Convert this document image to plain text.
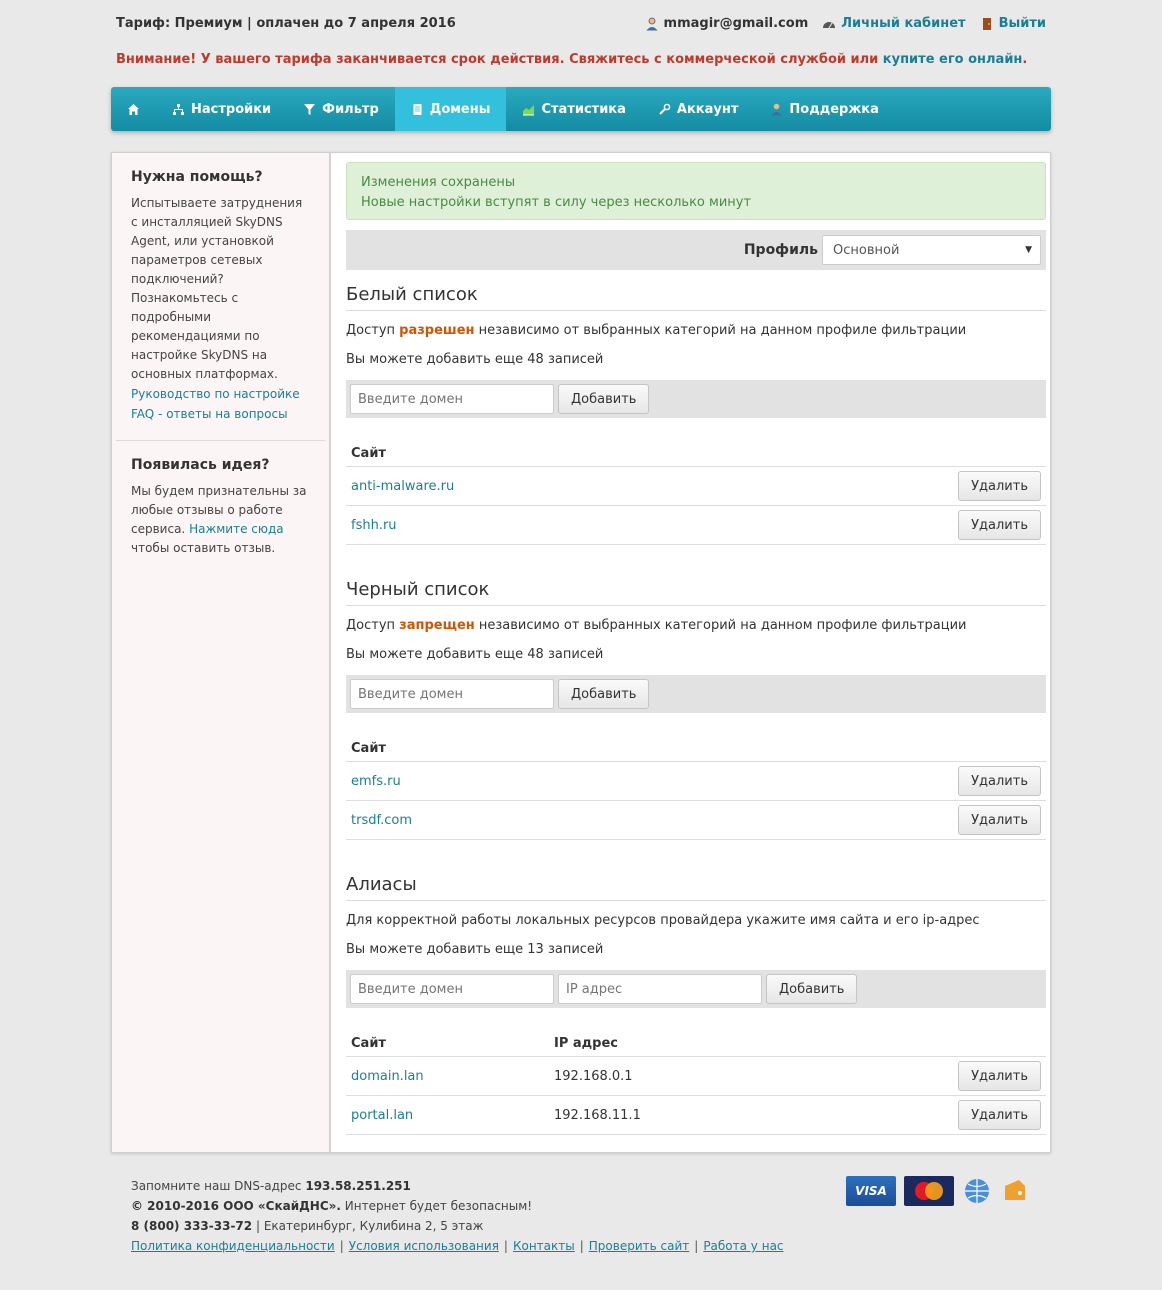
Тариф: Премиум | оплачен до 7 апреля 2016	mmagir@gmail.com	Личный кабинет	Выйти
Внимание! У вашего тарифа заканчивается срок действия. Свяжитесь с коммерческой службой или купите его онлайн.
Настройки	Фильтр	Домены	Статистика	Аккаунт	Поддержка
Нужна помощь?
Испытываете затруднения с инсталляцией SkyDNS Agent, или установкой параметров сетевых подключений? Познакомьтесь с подробными рекомендациями по настройке SkyDNS на основных платформах.
Руководство по настройке
FAQ - ответы на вопросы
Появилась идея?
Мы будем признательны за любые отзывы о работе сервиса. Нажмите сюда чтобы оставить отзыв.
Изменения сохранены
Новые настройки вступят в силу через несколько минут
Профиль Основной	▼
Белый список
Доступ разрешен независимо от выбранных категорий на данном профиле фильтрации
Вы можете добавить еще 48 записей
Введите домен
Добавить
Сайт
anti-malware.ru	Удалить
fshh.ru	Удалить
Черный список
Доступ запрещен независимо от выбранных категорий на данном профиле фильтрации
Вы можете добавить еще 48 записей
Введите домен
Добавить
Сайт
emfs.ru	Удалить
trsdf.com	Удалить
Алиасы
Для корректной работы локальных ресурсов провайдера укажите имя сайта и его ip-адрес
Вы можете добавить еще 13 записей
Введите домен
IP адрес
Добавить
Сайт	IP адрес
domain.lan	192.168.0.1	Удалить
portal.lan	192.168.11.1	Удалить
Запомните наш DNS-адрес 193.58.251.251
© 2010-2016 ООО «СкайДНС». Интернет будет безопасным!
8 (800) 333-33-72 | Екатеринбург, Кулибина 2, 5 этаж
Политика конфиденциальности | Условия использования | Контакты | Проверить сайт | Работа у нас
VISA
